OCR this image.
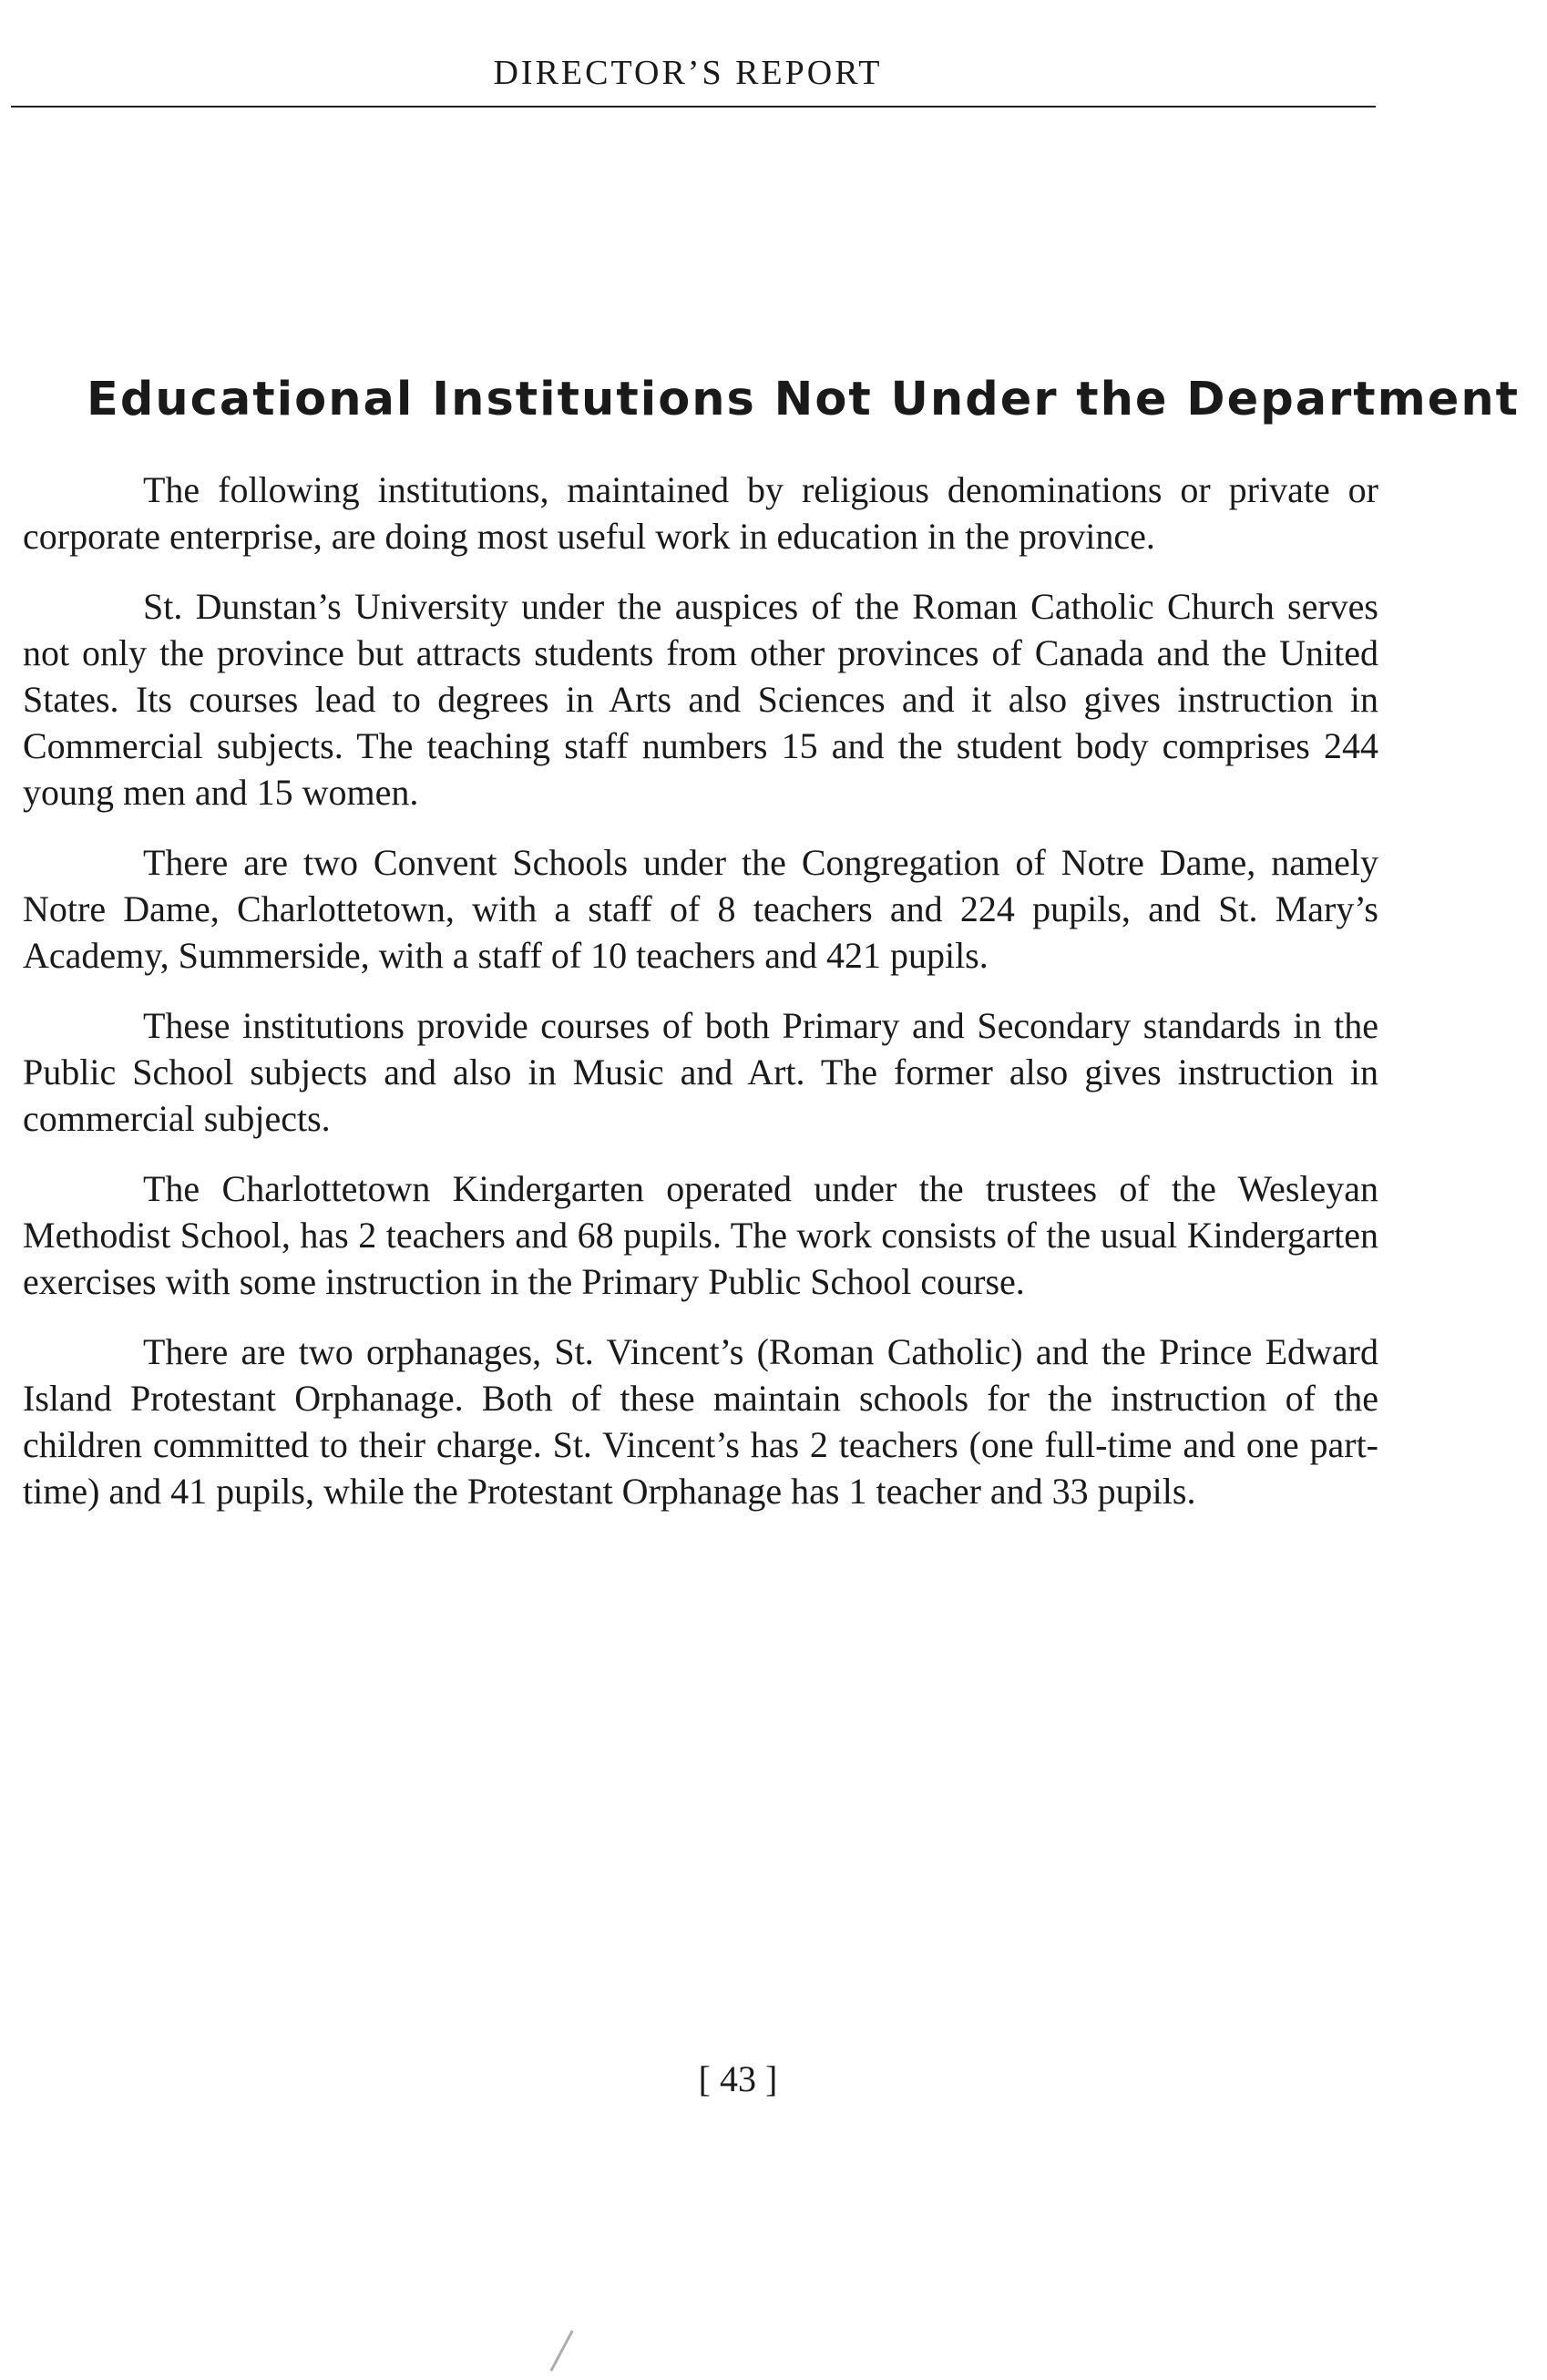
DIRECTOR’S REPORT
Educational Institutions Not Under the Department

The following institutions, maintained by religious denominations or private or corporate enterprise, are doing most useful work in education in the province.

St. Dunstan’s University under the auspices of the Roman Catholic Church serves not only the province but attracts students from other provinces of Canada and the United States. Its courses lead to degrees in Arts and Sciences and it also gives instruction in Commercial subjects. The teaching staff numbers 15 and the student body comprises 244 young men and 15 women.

There are two Convent Schools under the Congregation of Notre Dame, namely Notre Dame, Charlottetown, with a staff of 8 teachers and 224 pupils, and St. Mary’s Academy, Summerside, with a staff of 10 teachers and 421 pupils.

These institutions provide courses of both Primary and Secondary standards in the Public School subjects and also in Music and Art. The former also gives instruction in commercial subjects.

The Charlottetown Kindergarten operated under the trustees of the Wesleyan Methodist School, has 2 teachers and 68 pupils. The work consists of the usual Kindergarten exercises with some instruction in the Primary Public School course.

There are two orphanages, St. Vincent’s (Roman Catholic) and the Prince Edward Island Protestant Orphanage. Both of these maintain schools for the instruction of the children committed to their charge. St. Vincent’s has 2 teachers (one full-time and one part-time) and 41 pupils, while the Protestant Orphanage has 1 teacher and 33 pupils.

[ 43 ]
